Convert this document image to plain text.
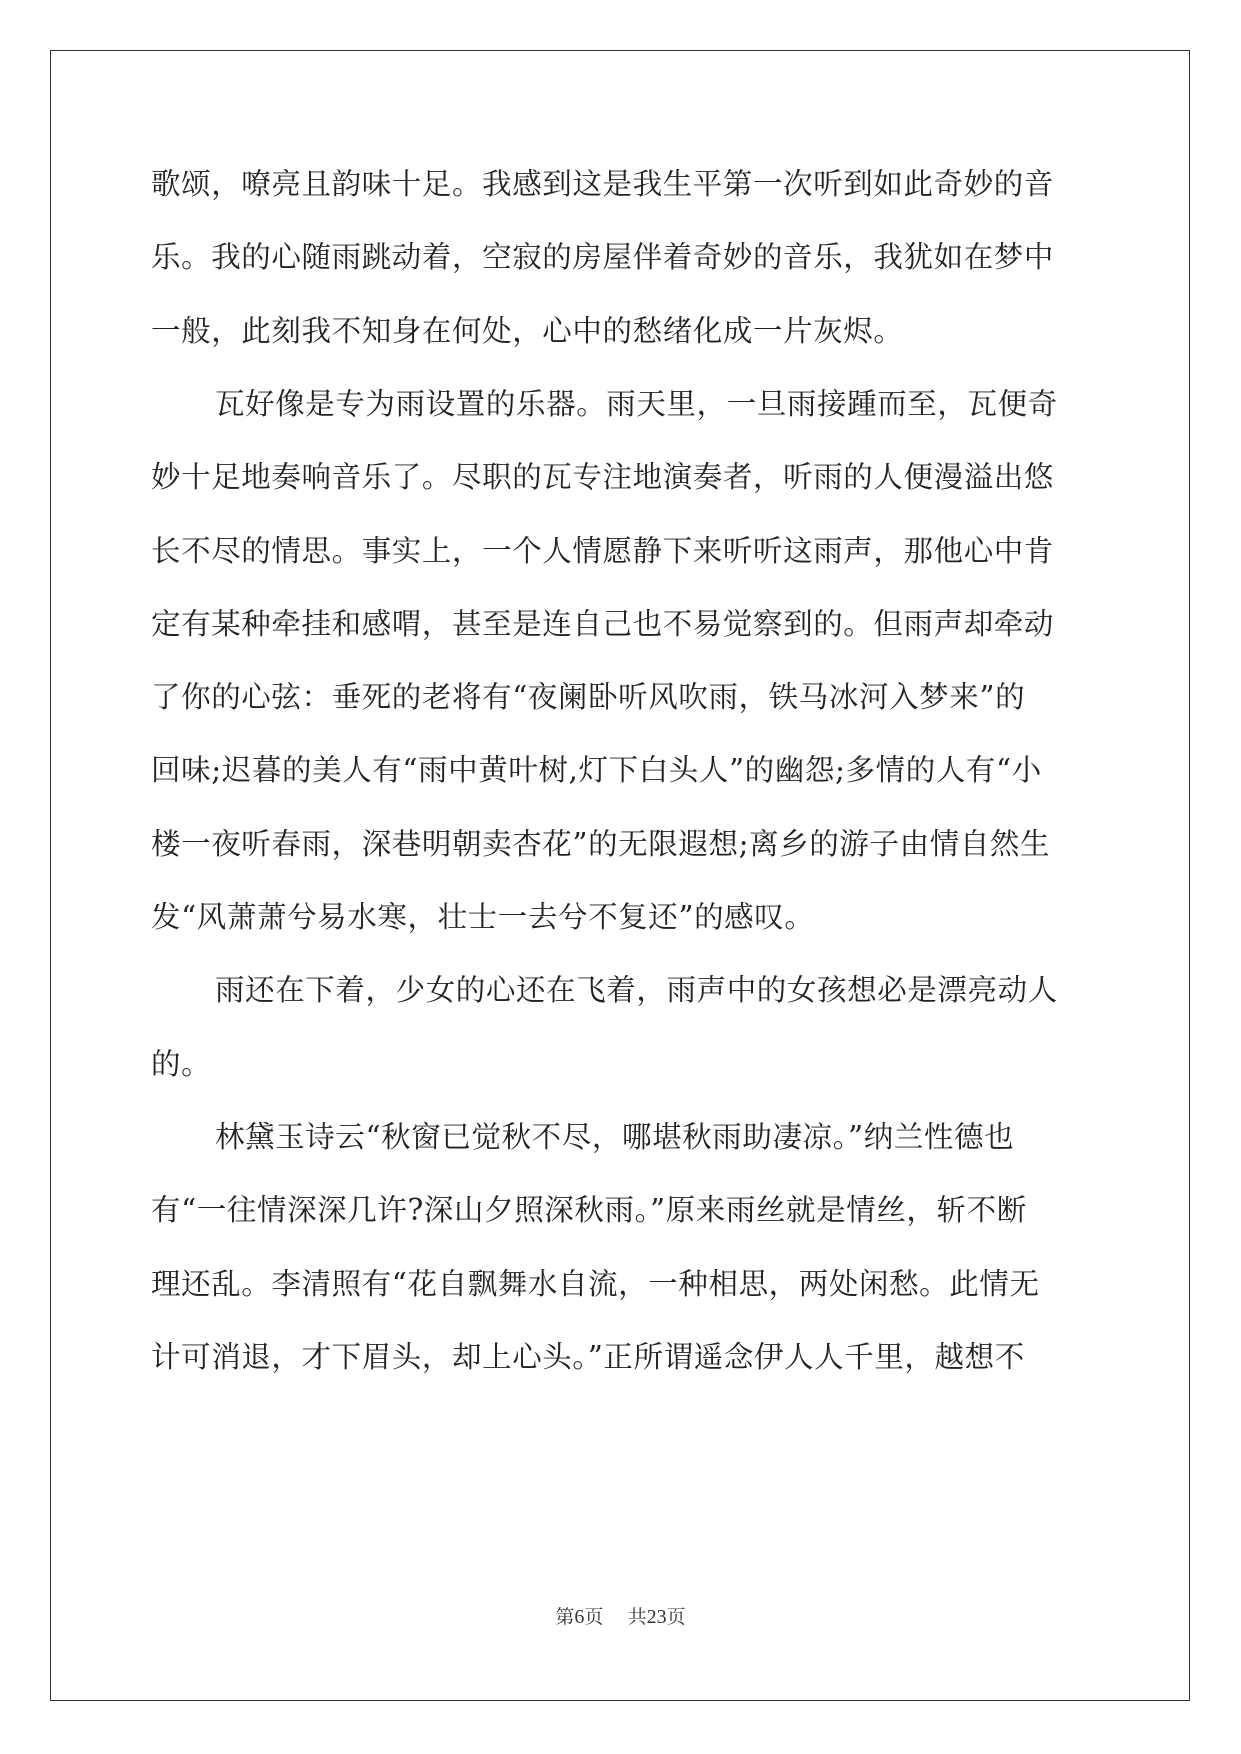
歌颂，嘹亮且韵味十足。我感到这是我生平第一次听到如此奇妙的音
乐。我的心随雨跳动着，空寂的房屋伴着奇妙的音乐，我犹如在梦中
一般，此刻我不知身在何处，心中的愁绪化成一片灰烬。
瓦好像是专为雨设置的乐器。雨天里，一旦雨接踵而至，瓦便奇
妙十足地奏响音乐了。尽职的瓦专注地演奏者，听雨的人便漫溢出悠
长不尽的情思。事实上，一个人情愿静下来听听这雨声，那他心中肯
定有某种牵挂和感喟，甚至是连自己也不易觉察到的。但雨声却牵动
了你的心弦：垂死的老将有“夜阑卧听风吹雨，铁马冰河入梦来”的
回味;迟暮的美人有“雨中黄叶树,灯下白头人”的幽怨;多情的人有“小
楼一夜听春雨，深巷明朝卖杏花”的无限遐想;离乡的游子由情自然生
发“风萧萧兮易水寒，壮士一去兮不复还”的感叹。
雨还在下着，少女的心还在飞着，雨声中的女孩想必是漂亮动人
的。
林黛玉诗云“秋窗已觉秋不尽，哪堪秋雨助凄凉。”纳兰性德也
有“一往情深深几许?深山夕照深秋雨。”原来雨丝就是情丝，斩不断
理还乱。李清照有“花自飘舞水自流，一种相思，两处闲愁。此情无
计可消退，才下眉头，却上心头。”正所谓遥念伊人人千里，越想不
第6页 共23页
